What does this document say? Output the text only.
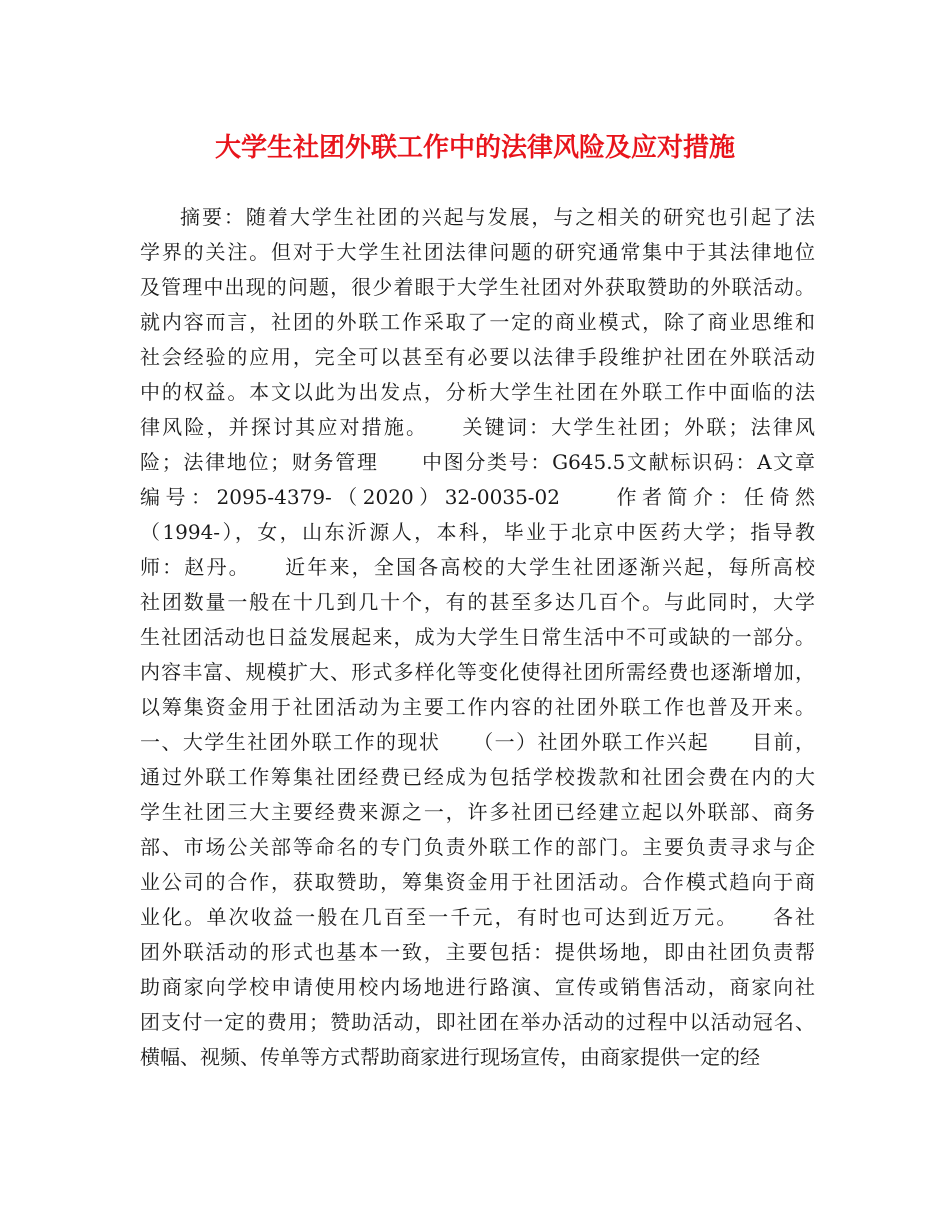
大学生社团外联工作中的法律风险及应对措施

摘要：随着大学生社团的兴起与发展，与之相关的研究也引起了法

学界的关注。但对于大学生社团法律问题的研究通常集中于其法律地位

及管理中出现的问题，很少着眼于大学生社团对外获取赞助的外联活动。

就内容而言，社团的外联工作采取了一定的商业模式，除了商业思维和

社会经验的应用，完全可以甚至有必要以法律手段维护社团在外联活动

中的权益。本文以此为出发点，分析大学生社团在外联工作中面临的法

律风险，并探讨其应对措施。　　关键词：大学生社团；外联；法律风

险；法律地位；财务管理　　中图分类号：G645.5文献标识码：A文章

编号：2095-4379-（2020）32-0035-02　　作者简介：任倚然

（1994-），女，山东沂源人，本科，毕业于北京中医药大学；指导教

师：赵丹。　　近年来，全国各高校的大学生社团逐渐兴起，每所高校

社团数量一般在十几到几十个，有的甚至多达几百个。与此同时，大学

生社团活动也日益发展起来，成为大学生日常生活中不可或缺的一部分。

内容丰富、规模扩大、形式多样化等变化使得社团所需经费也逐渐增加，

以筹集资金用于社团活动为主要工作内容的社团外联工作也普及开来。

一、大学生社团外联工作的现状　　（一）社团外联工作兴起　　目前，

通过外联工作筹集社团经费已经成为包括学校拨款和社团会费在内的大

学生社团三大主要经费来源之一，许多社团已经建立起以外联部、商务

部、市场公关部等命名的专门负责外联工作的部门。主要负责寻求与企

业公司的合作，获取赞助，筹集资金用于社团活动。合作模式趋向于商

业化。单次收益一般在几百至一千元，有时也可达到近万元。　　各社

团外联活动的形式也基本一致，主要包括：提供场地，即由社团负责帮

助商家向学校申请使用校内场地进行路演、宣传或销售活动，商家向社

团支付一定的费用；赞助活动，即社团在举办活动的过程中以活动冠名、

横幅、视频、传单等方式帮助商家进行现场宣传，由商家提供一定的经
